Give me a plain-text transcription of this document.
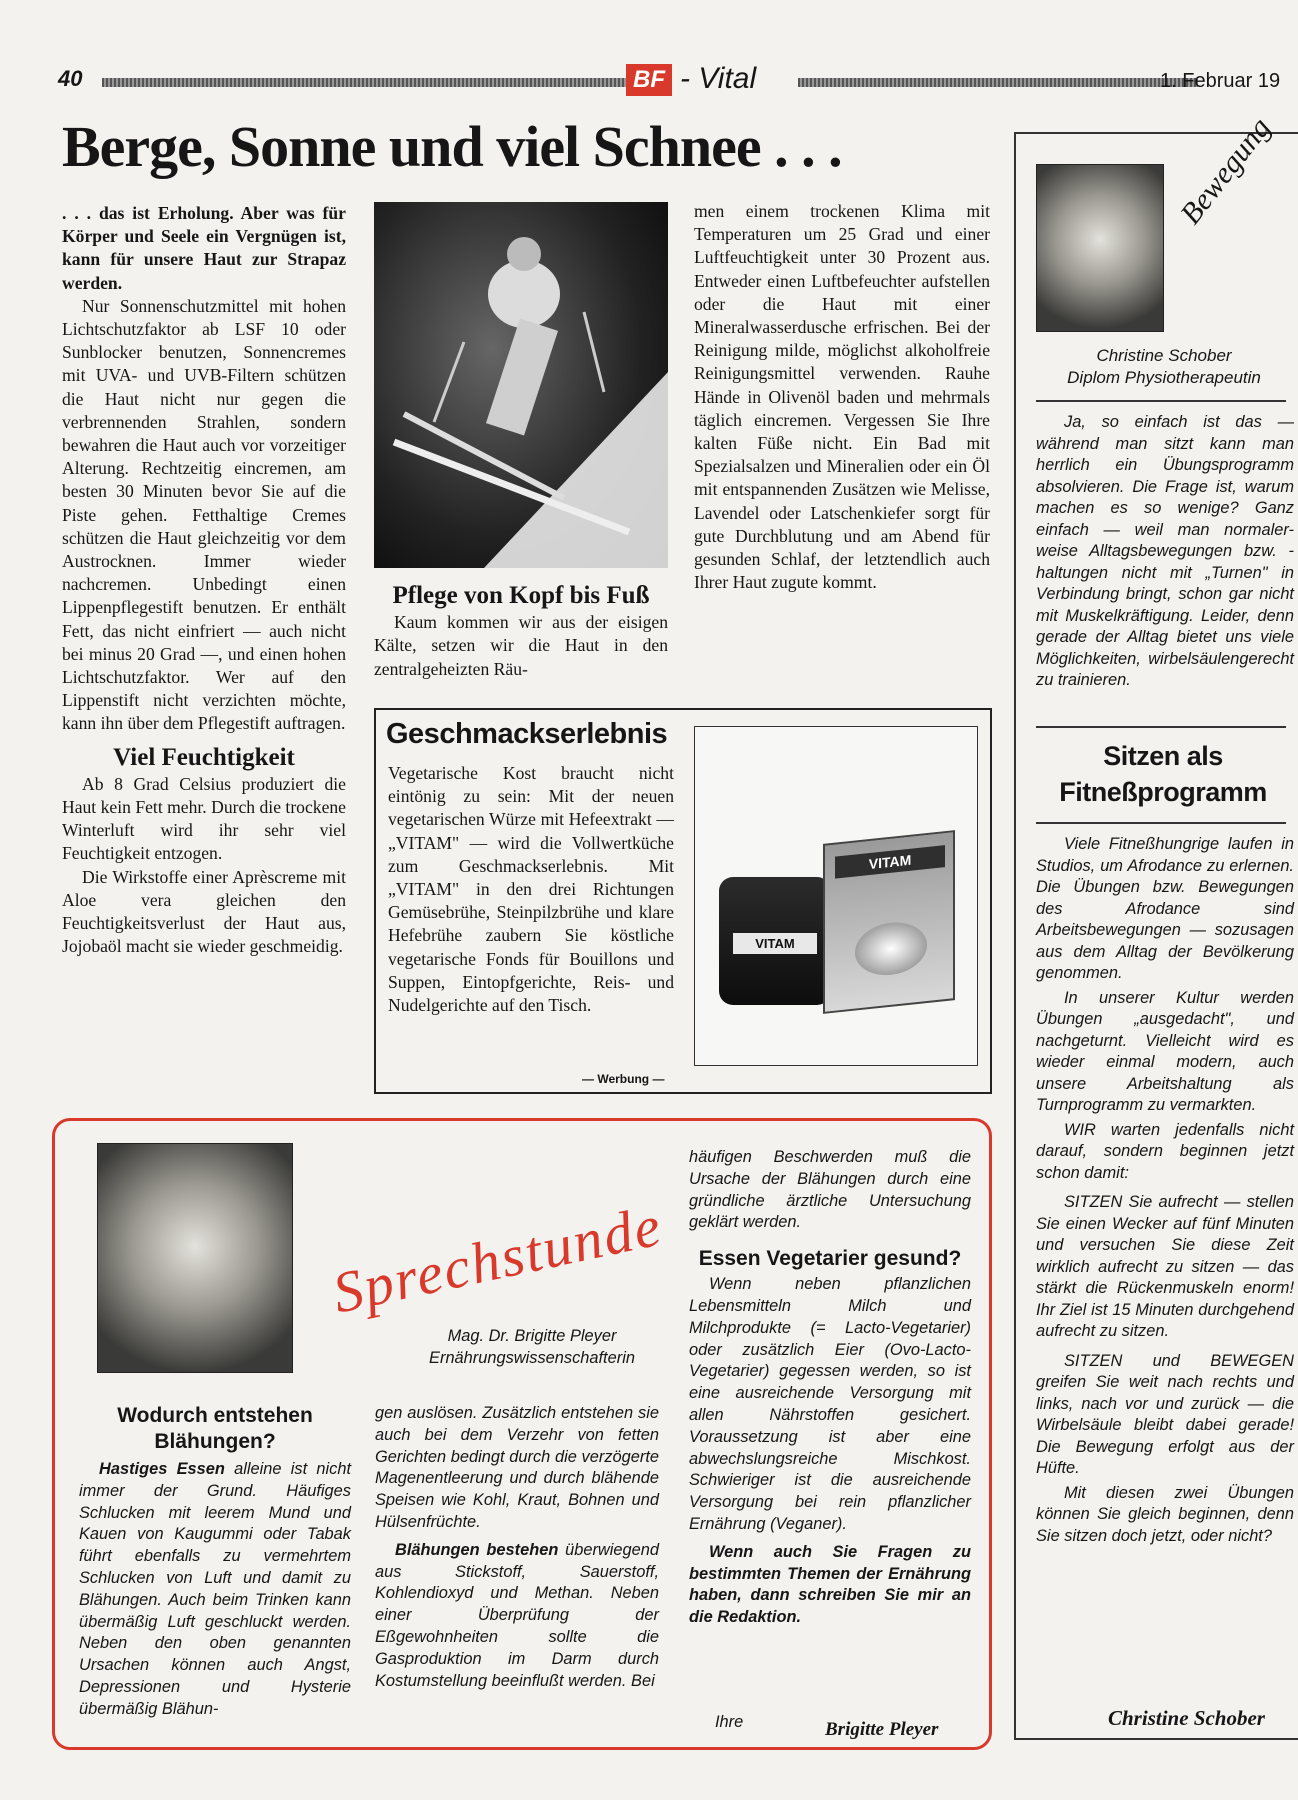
40	BF - Vital	1. Februar 19
Berge, Sonne und viel Schnee . . .

. . . das ist Erholung. Aber was für Körper und Seele ein Vergnügen ist, kann für unsere Haut zur Strapaz werden.

Nur Sonnenschutzmittel mit hohen Lichtschutzfaktor ab LSF 10 oder Sunblocker benutzen, Sonnencremes mit UVA- und UVB-Filtern schützen die Haut nicht nur gegen die verbrennenden Strahlen, sondern bewahren die Haut auch vor vorzeitiger Alterung. Rechtzeitig eincremen, am besten 30 Minuten bevor Sie auf die Piste gehen. Fetthaltige Cremes schützen die Haut gleichzeitig vor dem Austrocknen. Immer wieder nachcremen. Unbedingt einen Lippenpflegestift benutzen. Er enthält Fett, das nicht einfriert — auch nicht bei minus 20 Grad —, und einen hohen Lichtschutzfaktor. Wer auf den Lippenstift nicht verzichten möchte, kann ihn über dem Pflegestift auftragen.

Viel Feuchtigkeit

Ab 8 Grad Celsius produziert die Haut kein Fett mehr. Durch die trockene Winterluft wird ihr sehr viel Feuchtigkeit entzogen.

Die Wirkstoffe einer Aprèscreme mit Aloe vera gleichen den Feuchtigkeitsverlust der Haut aus, Jojobaöl macht sie wieder geschmeidig.

Pflege von Kopf bis Fuß

Kaum kommen wir aus der eisigen Kälte, setzen wir die Haut in den zentralgeheizten Räu-

men einem trockenen Klima mit Temperaturen um 25 Grad und einer Luftfeuchtigkeit unter 30 Prozent aus. Entweder einen Luftbefeuchter aufstellen oder die Haut mit einer Mineralwasserdusche erfrischen. Bei der Reinigung milde, möglichst alkoholfreie Reinigungsmittel verwenden. Rauhe Hände in Olivenöl baden und mehrmals täglich eincremen. Vergessen Sie Ihre kalten Füße nicht. Ein Bad mit Spezialsalzen und Mineralien oder ein Öl mit entspannenden Zusätzen wie Melisse, Lavendel oder Latschenkiefer sorgt für gute Durchblutung und am Abend für gesunden Schlaf, der letztendlich auch Ihrer Haut zugute kommt.

Geschmackserlebnis

Vegetarische Kost braucht nicht eintönig zu sein: Mit der neuen vegetarischen Würze mit Hefeextrakt — „VITAM" — wird die Vollwertküche zum Geschmackserlebnis. Mit „VITAM" in den drei Richtungen Gemüsebrühe, Steinpilzbrühe und klare Hefebrühe zaubern Sie köstliche vegetarische Fonds für Bouillons und Suppen, Eintopfgerichte, Reis- und Nudelgerichte auf den Tisch.

— Werbung —
VITAM
VITAM
Bewegung

Christine Schober

Diplom Physiotherapeutin

Ja, so einfach ist das — während man sitzt kann man herrlich ein Übungsprogramm absolvieren. Die Frage ist, warum machen es so wenige? Ganz einfach — weil man normaler-weise Alltagsbewegungen bzw. -haltungen nicht mit „Turnen" in Verbindung bringt, schon gar nicht mit Muskelkräftigung. Leider, denn gerade der Alltag bietet uns viele Möglichkeiten, wirbelsäulengerecht zu trainieren.

Sitzen als Fitneßprogramm

Viele Fitneßhungrige laufen in Studios, um Afrodance zu erlernen. Die Übungen bzw. Bewegungen des Afrodance sind Arbeitsbewegungen — sozusagen aus dem Alltag der Bevölkerung genommen.

In unserer Kultur werden Übungen „ausgedacht", und nachgeturnt. Vielleicht wird es wieder einmal modern, auch unsere Arbeitshaltung als Turnprogramm zu vermarkten.

WIR warten jedenfalls nicht darauf, sondern beginnen jetzt schon damit:

SITZEN Sie aufrecht — stellen Sie einen Wecker auf fünf Minuten und versuchen Sie diese Zeit wirklich aufrecht zu sitzen — das stärkt die Rückenmuskeln enorm! Ihr Ziel ist 15 Minuten durchgehend aufrecht zu sitzen.

SITZEN und BEWEGEN greifen Sie weit nach rechts und links, nach vor und zurück — die Wirbelsäule bleibt dabei gerade! Die Bewegung erfolgt aus der Hüfte.

Mit diesen zwei Übungen können Sie gleich beginnen, denn Sie sitzen doch jetzt, oder nicht?

Christine Schober
Sprechstunde

Mag. Dr. Brigitte Pleyer

Ernährungswissenschafterin

Wodurch entstehen Blähungen?

Hastiges Essen alleine ist nicht immer der Grund. Häufiges Schlucken mit leerem Mund und Kauen von Kaugummi oder Tabak führt ebenfalls zu vermehrtem Schlucken von Luft und damit zu Blähungen. Auch beim Trinken kann übermäßig Luft geschluckt werden. Neben den oben genannten Ursachen können auch Angst, Depressionen und Hysterie übermäßig Blähun-

gen auslösen. Zusätzlich entstehen sie auch bei dem Verzehr von fetten Gerichten bedingt durch die verzögerte Magenentleerung und durch blähende Speisen wie Kohl, Kraut, Bohnen und Hülsenfrüchte.

Blähungen bestehen überwiegend aus Stickstoff, Sauerstoff, Kohlendioxyd und Methan. Neben einer Überprüfung der Eßgewohnheiten sollte die Gasproduktion im Darm durch Kostumstellung beeinflußt werden. Bei

häufigen Beschwerden muß die Ursache der Blähungen durch eine gründliche ärztliche Untersuchung geklärt werden.

Essen Vegetarier gesund?

Wenn neben pflanzlichen Lebensmitteln Milch und Milchprodukte (= Lacto-Vegetarier) oder zusätzlich Eier (Ovo-Lacto-Vegetarier) gegessen werden, so ist eine ausreichende Versorgung mit allen Nährstoffen gesichert. Voraussetzung ist aber eine abwechslungsreiche Mischkost. Schwieriger ist die ausreichende Versorgung bei rein pflanzlicher Ernährung (Veganer).

Wenn auch Sie Fragen zu bestimmten Themen der Ernährung haben, dann schreiben Sie mir an die Redaktion.

Ihre	Brigitte Pleyer
